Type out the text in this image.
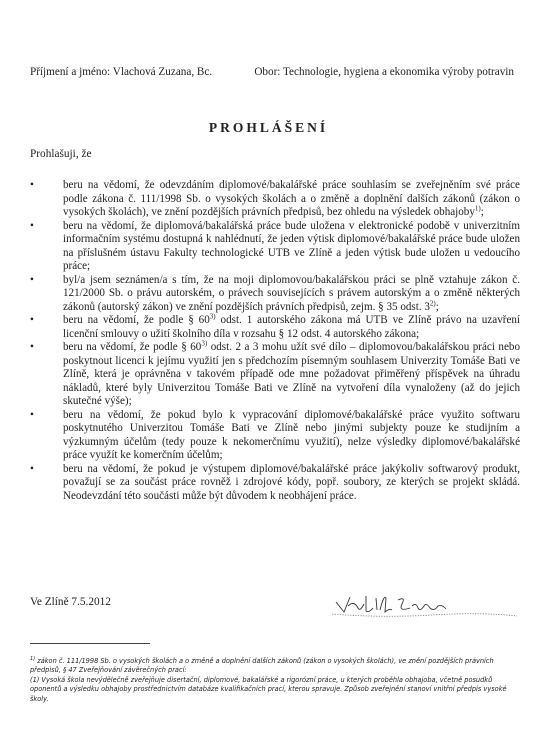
Příjmení a jméno: Vlachová Zuzana, Bc.	Obor: Technologie, hygiena a ekonomika výroby potravin
PROHLÁŠENÍ
Prohlašuji, že
•	beru na vědomí, že odevzdáním diplomové/bakalářské práce souhlasím se zveřejněním své práce podle zákona č. 111/1998 Sb. o vysokých školách a o změně a doplnění dalších zákonů (zákon o vysokých školách), ve znění pozdějších právních předpisů, bez ohledu na výsledek obhajoby$^{1)}$;
•	beru na vědomí, že diplomová/bakalářská práce bude uložena v elektronické podobě v univerzitním informačním systému dostupná k nahlédnutí, že jeden výtisk diplomové/bakalářské práce bude uložen na příslušném ústavu Fakulty technologické UTB ve Zlíně a jeden výtisk bude uložen u vedoucího práce;
•	byl/a jsem seznámen/a s tím, že na moji diplomovou/bakalářskou práci se plně vztahuje zákon č. 121/2000 Sb. o právu autorském, o právech souvisejících s právem autorským a o změně některých zákonů (autorský zákon) ve znění pozdějších právních předpisů, zejm. § 35 odst. 3$^{2)}$;
•	beru na vědomí, že podle § 60$^{3)}$ odst. 1 autorského zákona má UTB ve Zlíně právo na uzavření licenční smlouvy o užití školního díla v rozsahu § 12 odst. 4 autorského zákona;
•	beru na vědomí, že podle § 60$^{3)}$ odst. 2 a 3 mohu užít své dílo – diplomovou/bakalářskou práci nebo poskytnout licenci k jejímu využití jen s předchozím písemným souhlasem Univerzity Tomáše Bati ve Zlíně, která je oprávněna v takovém případě ode mne požadovat přiměřený příspěvek na úhradu nákladů, které byly Univerzitou Tomáše Bati ve Zlíně na vytvoření díla vynaloženy (až do jejich skutečné výše);
•	beru na vědomí, že pokud bylo k vypracování diplomové/bakalářské práce využito softwaru poskytnutého Univerzitou Tomáše Bati ve Zlíně nebo jinými subjekty pouze ke studijním a výzkumným účelům (tedy pouze k nekomerčnímu využití), nelze výsledky diplomové/bakalářské práce využít ke komerčním účelům;
•	beru na vědomí, že pokud je výstupem diplomové/bakalářské práce jakýkoliv softwarový produkt, považují se za součást práce rovněž i zdrojové kódy, popř. soubory, ze kterých se projekt skládá. Neodevzdání této součásti může být důvodem k neobhájení práce.
Ve Zlíně 7.5.2012

$^{1)}$ zákon č. 111/1998 Sb. o vysokých školách a o změně a doplnění dalších zákonů (zákon o vysokých školách), ve znění pozdějších právních předpisů, § 47 Zveřejňování závěrečných prací:

(1) Vysoká škola nevýdělečně zveřejňuje disertační, diplomové, bakalářské a rigorózní práce, u kterých proběhla obhajoba, včetně posudků oponentů a výsledku obhajoby prostřednictvím databáze kvalifikačních prací, kterou spravuje. Způsob zveřejnění stanoví vnitřní předpis vysoké školy.
